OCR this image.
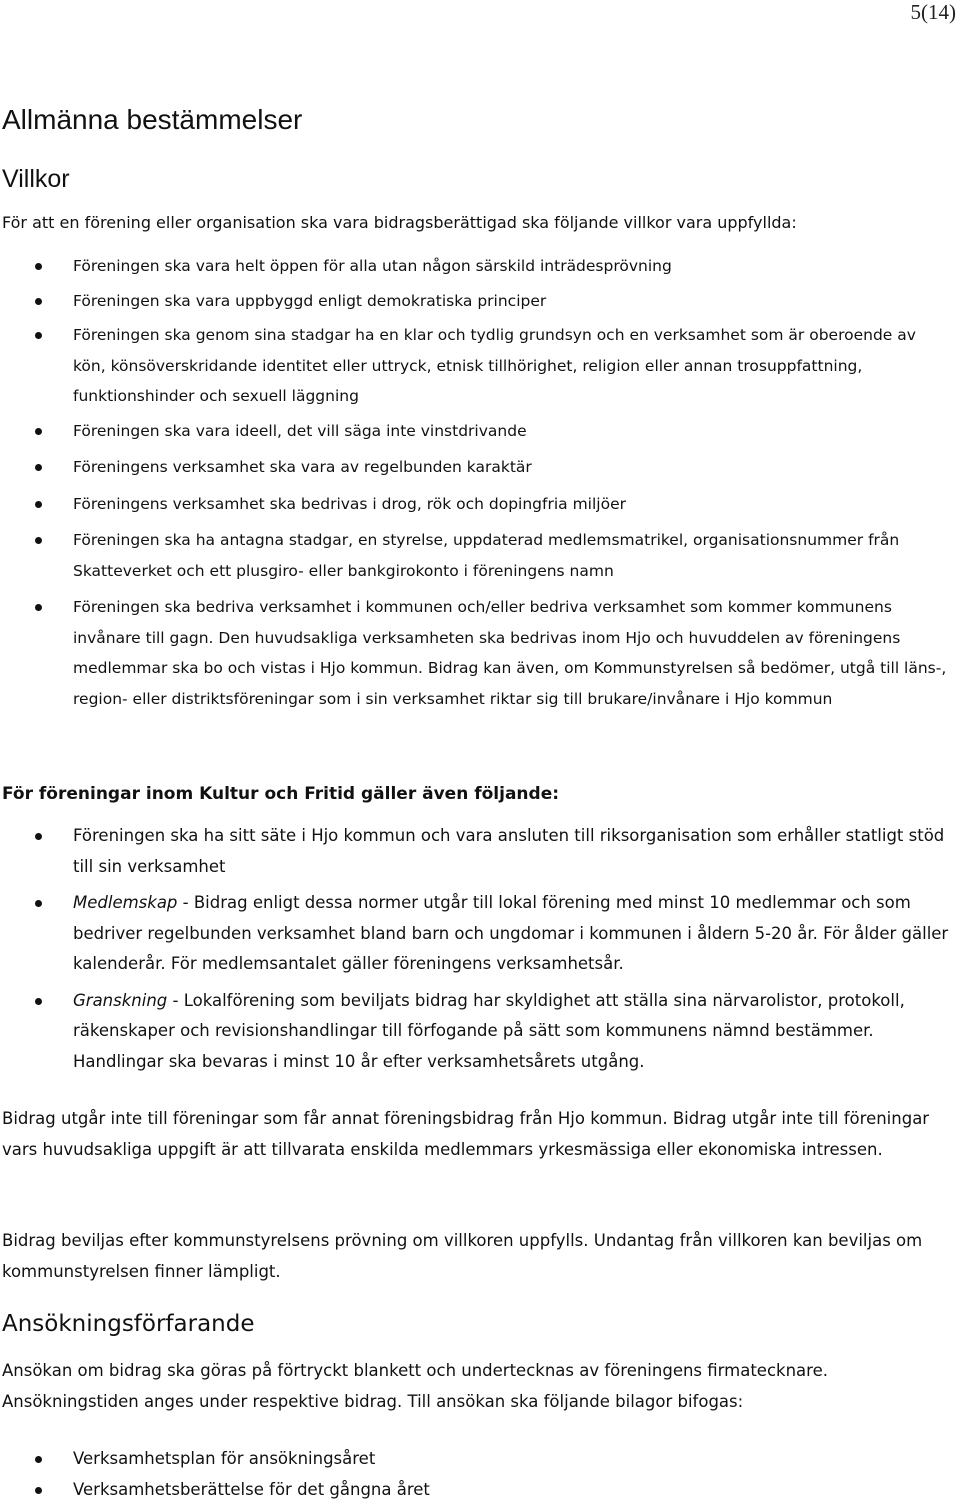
5(14)
Allmänna bestämmelser
Villkor

För att en förening eller organisation ska vara bidragsberättigad ska följande villkor vara uppfyllda:

Föreningen ska vara helt öppen för alla utan någon särskild inträdesprövning
Föreningen ska vara uppbyggd enligt demokratiska principer
Föreningen ska genom sina stadgar ha en klar och tydlig grundsyn och en verksamhet som är oberoende av kön, könsöverskridande identitet eller uttryck, etnisk tillhörighet, religion eller annan trosuppfattning, funktionshinder och sexuell läggning
Föreningen ska vara ideell, det vill säga inte vinstdrivande
Föreningens verksamhet ska vara av regelbunden karaktär
Föreningens verksamhet ska bedrivas i drog, rök och dopingfria miljöer
Föreningen ska ha antagna stadgar, en styrelse, uppdaterad medlemsmatrikel, organisationsnummer från Skatteverket och ett plusgiro- eller bankgirokonto i föreningens namn
Föreningen ska bedriva verksamhet i kommunen och/eller bedriva verksamhet som kommer kommunens invånare till gagn. Den huvudsakliga verksamheten ska bedrivas inom Hjo och huvuddelen av föreningens medlemmar ska bo och vistas i Hjo kommun. Bidrag kan även, om Kommunstyrelsen så bedömer, utgå till läns-, region- eller distriktsföreningar som i sin verksamhet riktar sig till brukare/invånare i Hjo kommun
För föreningar inom Kultur och Fritid gäller även följande:
Föreningen ska ha sitt säte i Hjo kommun och vara ansluten till riksorganisation som erhåller statligt stöd till sin verksamhet
Medlemskap - Bidrag enligt dessa normer utgår till lokal förening med minst 10 medlemmar och som bedriver regelbunden verksamhet bland barn och ungdomar i kommunen i åldern 5-20 år. För ålder gäller kalenderår. För medlemsantalet gäller föreningens verksamhetsår.
Granskning - Lokalförening som beviljats bidrag har skyldighet att ställa sina närvarolistor, protokoll, räkenskaper och revisionshandlingar till förfogande på sätt som kommunens nämnd bestämmer. Handlingar ska bevaras i minst 10 år efter verksamhetsårets utgång.

Bidrag utgår inte till föreningar som får annat föreningsbidrag från Hjo kommun. Bidrag utgår inte till föreningar vars huvudsakliga uppgift är att tillvarata enskilda medlemmars yrkesmässiga eller ekonomiska intressen.

Bidrag beviljas efter kommunstyrelsens prövning om villkoren uppfylls. Undantag från villkoren kan beviljas om kommunstyrelsen finner lämpligt.

Ansökningsförfarande

Ansökan om bidrag ska göras på förtryckt blankett och undertecknas av föreningens firmatecknare. Ansökningstiden anges under respektive bidrag. Till ansökan ska följande bilagor bifogas:

Verksamhetsplan för ansökningsåret
Verksamhetsberättelse för det gångna året
